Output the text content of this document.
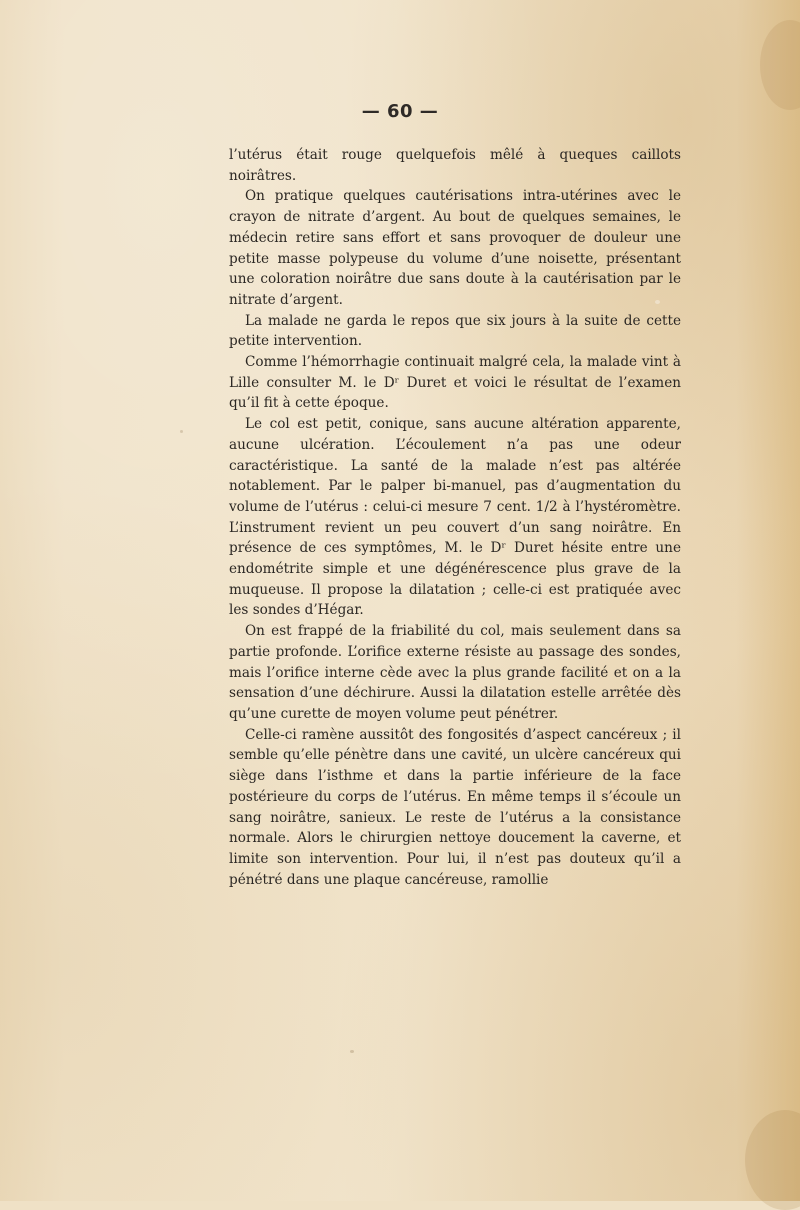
— 60 —

l’utérus était rouge quelquefois mêlé à queques caillots noirâtres.

On pratique quelques cautérisations intra-utérines avec le crayon de nitrate d’argent. Au bout de quelques semaines, le médecin retire sans effort et sans provoquer de douleur une petite masse polypeuse du volume d’une noisette, présentant une coloration noirâtre due sans doute à la cautérisation par le nitrate d’argent.

La malade ne garda le repos que six jours à la suite de cette petite intervention.

Comme l’hémorrhagie continuait malgré cela, la malade vint à Lille consulter M. le Dʳ Duret et voici le résultat de l’examen qu’il fit à cette époque.

Le col est petit, conique, sans aucune altération apparente, aucune ulcération. L’écoulement n’a pas une odeur caractéristique. La santé de la malade n’est pas altérée notablement. Par le palper bi-manuel, pas d’augmentation du volume de l’utérus : celui-ci mesure 7 cent. 1/2 à l’hystéromètre. L’instrument revient un peu couvert d’un sang noirâtre. En présence de ces symptômes, M. le Dʳ Duret hésite entre une endométrite simple et une dégénérescence plus grave de la muqueuse. Il propose la dilatation ; celle-ci est pratiquée avec les sondes d’Hégar.

On est frappé de la friabilité du col, mais seulement dans sa partie profonde. L’orifice externe résiste au passage des sondes, mais l’orifice interne cède avec la plus grande facilité et on a la sensation d’une déchirure. Aussi la dilatation estelle arrêtée dès qu’une curette de moyen volume peut pénétrer.

Celle-ci ramène aussitôt des fongosités d’aspect cancéreux ; il semble qu’elle pénètre dans une cavité, un ulcère cancéreux qui siège dans l’isthme et dans la partie inférieure de la face postérieure du corps de l’utérus. En même temps il s’écoule un sang noirâtre, sanieux. Le reste de l’utérus a la consistance normale. Alors le chirurgien nettoye doucement la caverne, et limite son intervention. Pour lui, il n’est pas douteux qu’il a pénétré dans une plaque cancéreuse, ramollie
